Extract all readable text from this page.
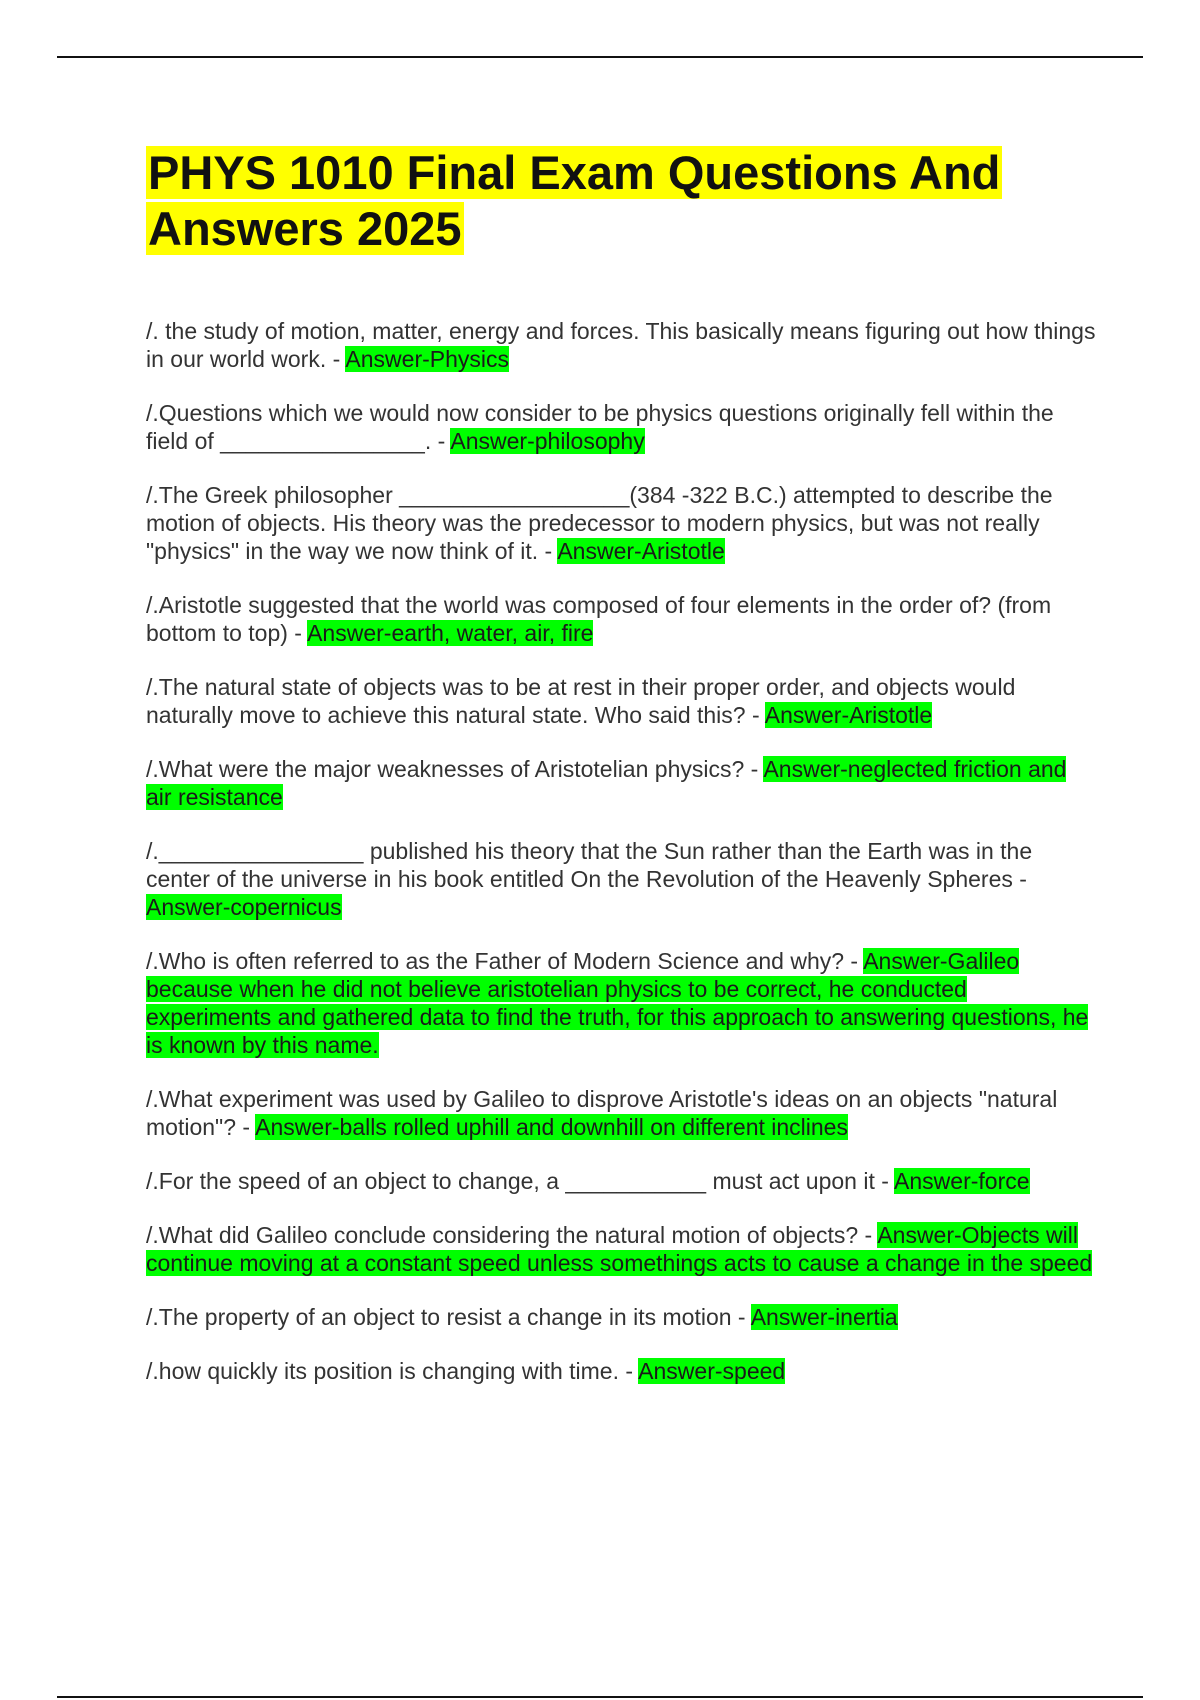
PHYS 1010 Final Exam Questions And Answers 2025

/. the study of motion, matter, energy and forces. This basically means figuring out how things in our world work. - Answer-Physics

/.Questions which we would now consider to be physics questions originally fell within the field of ________________. - Answer-philosophy

/.The Greek philosopher __________________(384 -322 B.C.) attempted to describe the motion of objects. His theory was the predecessor to modern physics, but was not really "physics" in the way we now think of it. - Answer-Aristotle

/.Aristotle suggested that the world was composed of four elements in the order of? (from bottom to top) - Answer-earth, water, air, fire

/.The natural state of objects was to be at rest in their proper order, and objects would naturally move to achieve this natural state. Who said this? - Answer-Aristotle

/.What were the major weaknesses of Aristotelian physics? - Answer-neglected friction and air resistance

/.________________ published his theory that the Sun rather than the Earth was in the center of the universe in his book entitled On the Revolution of the Heavenly Spheres - Answer-copernicus

/.Who is often referred to as the Father of Modern Science and why? - Answer-Galileo because when he did not believe aristotelian physics to be correct, he conducted experiments and gathered data to find the truth, for this approach to answering questions, he is known by this name.

/.What experiment was used by Galileo to disprove Aristotle's ideas on an objects "natural motion"? - Answer-balls rolled uphill and downhill on different inclines

/.For the speed of an object to change, a ___________ must act upon it - Answer-force

/.What did Galileo conclude considering the natural motion of objects? - Answer-Objects will continue moving at a constant speed unless somethings acts to cause a change in the speed

/.The property of an object to resist a change in its motion - Answer-inertia

/.how quickly its position is changing with time. - Answer-speed
